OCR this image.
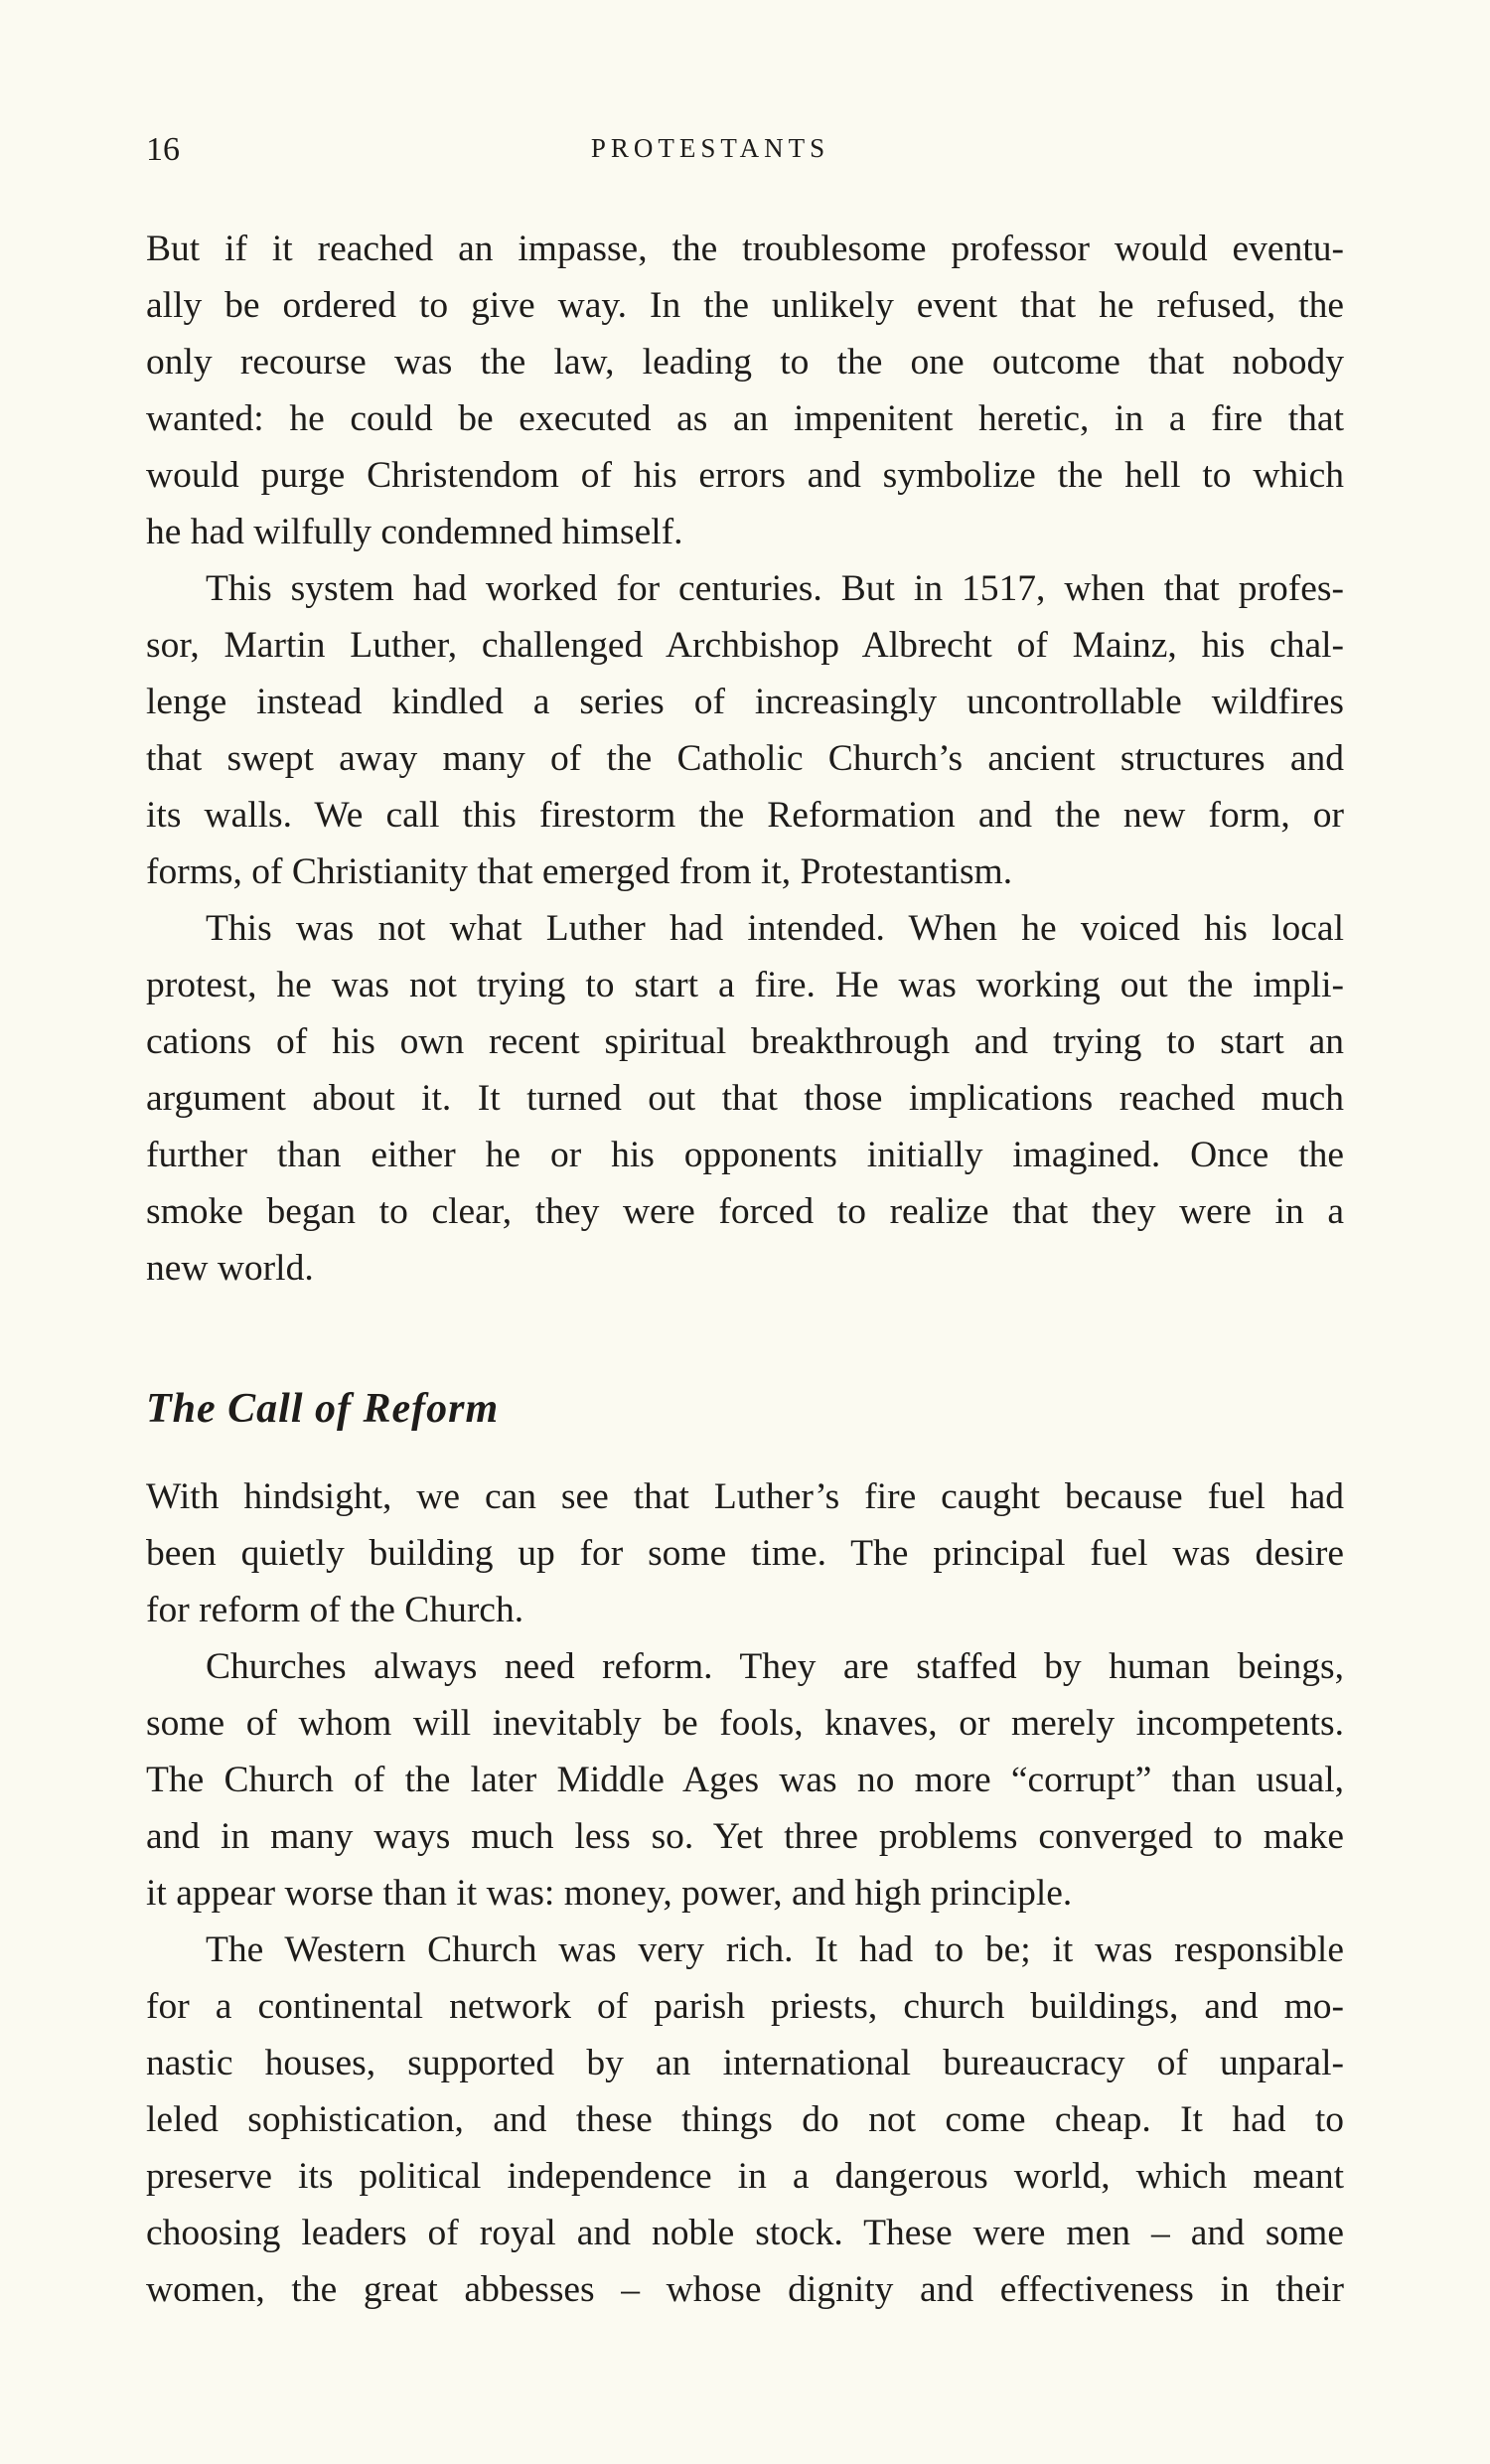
16	PROTESTANTS
But if it reached an impasse, the troublesome professor would eventu-
ally be ordered to give way. In the unlikely event that he refused, the
only recourse was the law, leading to the one outcome that nobody
wanted: he could be executed as an impenitent heretic, in a fire that
would purge Christendom of his errors and symbolize the hell to which
he had wilfully condemned himself.
This system had worked for centuries. But in 1517, when that profes-
sor, Martin Luther, challenged Archbishop Albrecht of Mainz, his chal-
lenge instead kindled a series of increasingly uncontrollable wildfires
that swept away many of the Catholic Church’s ancient structures and
its walls. We call this firestorm the Reformation and the new form, or
forms, of Christianity that emerged from it, Protestantism.
This was not what Luther had intended. When he voiced his local
protest, he was not trying to start a fire. He was working out the impli-
cations of his own recent spiritual breakthrough and trying to start an
argument about it. It turned out that those implications reached much
further than either he or his opponents initially imagined. Once the
smoke began to clear, they were forced to realize that they were in a
new world.
The Call of Reform
With hindsight, we can see that Luther’s fire caught because fuel had
been quietly building up for some time. The principal fuel was desire
for reform of the Church.
Churches always need reform. They are staffed by human beings,
some of whom will inevitably be fools, knaves, or merely incompetents.
The Church of the later Middle Ages was no more “corrupt” than usual,
and in many ways much less so. Yet three problems converged to make
it appear worse than it was: money, power, and high principle.
The Western Church was very rich. It had to be; it was responsible
for a continental network of parish priests, church buildings, and mo-
nastic houses, supported by an international bureaucracy of unparal-
leled sophistication, and these things do not come cheap. It had to
preserve its political independence in a dangerous world, which meant
choosing leaders of royal and noble stock. These were men – and some
women, the great abbesses – whose dignity and effectiveness in their
